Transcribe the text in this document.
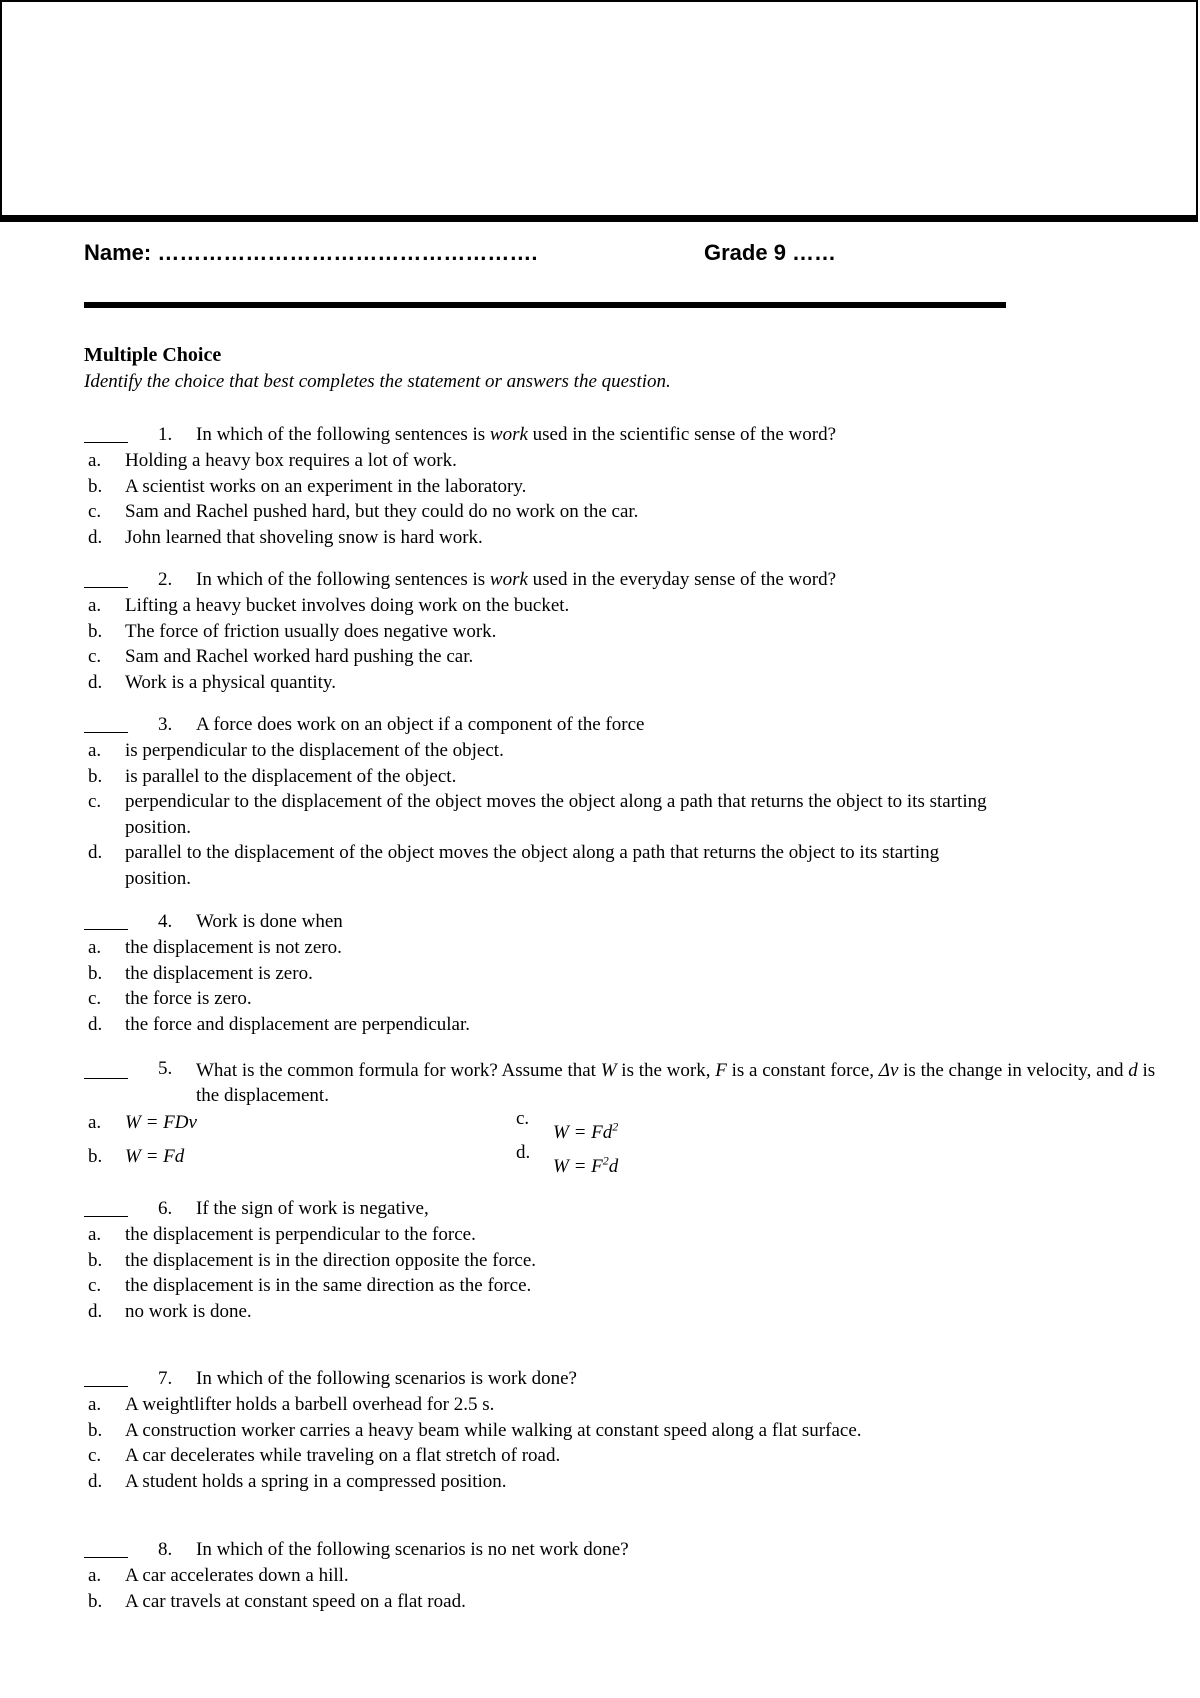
Name: …………………………………………….	Grade 9 ……
Multiple Choice
Identify the choice that best completes the statement or answers the question.
1. In which of the following sentences is work used in the scientific sense of the word?
a. Holding a heavy box requires a lot of work.
b. A scientist works on an experiment in the laboratory.
c. Sam and Rachel pushed hard, but they could do no work on the car.
d. John learned that shoveling snow is hard work.
2. In which of the following sentences is work used in the everyday sense of the word?
a. Lifting a heavy bucket involves doing work on the bucket.
b. The force of friction usually does negative work.
c. Sam and Rachel worked hard pushing the car.
d. Work is a physical quantity.
3. A force does work on an object if a component of the force
a. is perpendicular to the displacement of the object.
b. is parallel to the displacement of the object.
c. perpendicular to the displacement of the object moves the object along a path that returns the object to its starting position.
d. parallel to the displacement of the object moves the object along a path that returns the object to its starting position.
4. Work is done when
a. the displacement is not zero.
b. the displacement is zero.
c. the force is zero.
d. the force and displacement are perpendicular.
5. What is the common formula for work? Assume that W is the work, F is a constant force, Δv is the change in velocity, and d is the displacement.
a. W = FDv
b. W = Fd
c.
$W = Fd^2$
d.
$W = F^2d$
6. If the sign of work is negative,
a. the displacement is perpendicular to the force.
b. the displacement is in the direction opposite the force.
c. the displacement is in the same direction as the force.
d. no work is done.
7. In which of the following scenarios is work done?
a. A weightlifter holds a barbell overhead for 2.5 s.
b. A construction worker carries a heavy beam while walking at constant speed along a flat surface.
c. A car decelerates while traveling on a flat stretch of road.
d. A student holds a spring in a compressed position.
8. In which of the following scenarios is no net work done?
a. A car accelerates down a hill.
b. A car travels at constant speed on a flat road.
